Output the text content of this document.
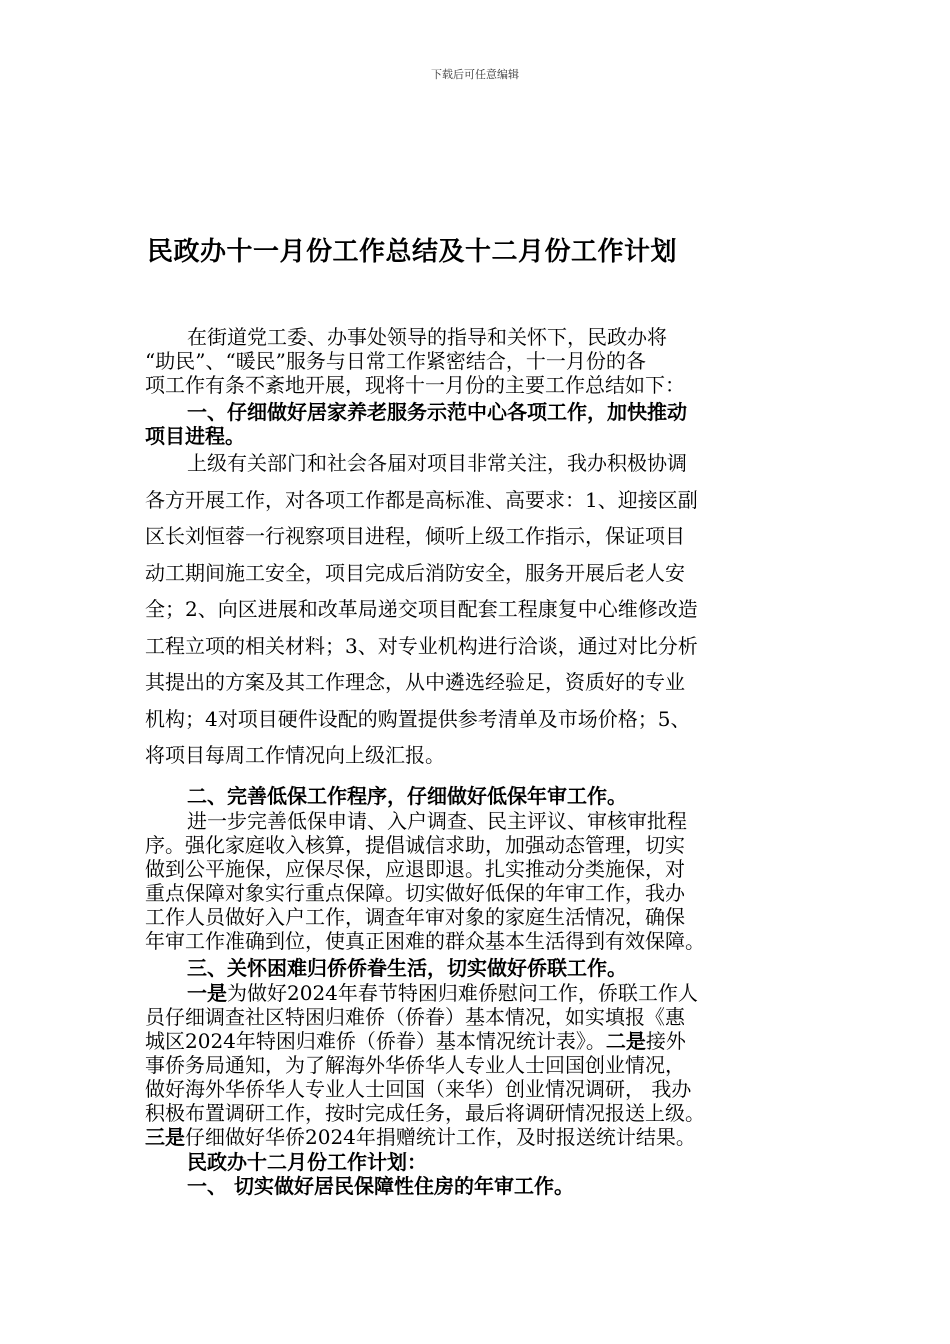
下载后可任意编辑
民政办十一月份工作总结及十二月份工作计划
在街道党工委、办事处领导的指导和关怀下，民政办将
“助民”、“暖民”服务与日常工作紧密结合，十一月份的各
项工作有条不紊地开展，现将十一月份的主要工作总结如下：
一、仔细做好居家养老服务示范中心各项工作，加快推动
项目进程。
上级有关部门和社会各届对项目非常关注，我办积极协调
各方开展工作，对各项工作都是高标准、高要求：1、迎接区副
区长刘恒蓉一行视察项目进程，倾听上级工作指示，保证项目
动工期间施工安全，项目完成后消防安全，服务开展后老人安
全；2、向区进展和改革局递交项目配套工程康复中心维修改造
工程立项的相关材料；3、对专业机构进行洽谈，通过对比分析
其提出的方案及其工作理念，从中遴选经验足，资质好的专业
机构；4对项目硬件设配的购置提供参考清单及市场价格；5、
将项目每周工作情况向上级汇报。
二、完善低保工作程序，仔细做好低保年审工作。
进一步完善低保申请、入户调查、民主评议、审核审批程
序。强化家庭收入核算，提倡诚信求助，加强动态管理，切实
做到公平施保，应保尽保，应退即退。扎实推动分类施保，对
重点保障对象实行重点保障。切实做好低保的年审工作，我办
工作人员做好入户工作，调查年审对象的家庭生活情况，确保
年审工作准确到位，使真正困难的群众基本生活得到有效保障。
三、关怀困难归侨侨眷生活，切实做好侨联工作。
一是为做好2024年春节特困归难侨慰问工作，侨联工作人
员仔细调查社区特困归难侨（侨眷）基本情况，如实填报《惠
城区2024年特困归难侨（侨眷）基本情况统计表》。二是接外
事侨务局通知，为了解海外华侨华人专业人士回国创业情况，
做好海外华侨华人专业人士回国（来华）创业情况调研， 我办
积极布置调研工作，按时完成任务，最后将调研情况报送上级。
三是仔细做好华侨2024年捐赠统计工作，及时报送统计结果。
民政办十二月份工作计划：
一、 切实做好居民保障性住房的年审工作。
